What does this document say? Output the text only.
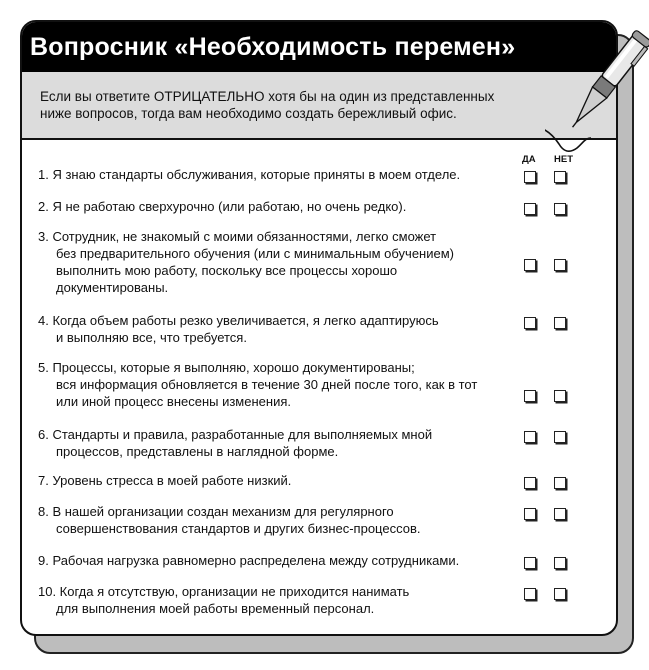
Вопросник «Необходимость перемен»
Если вы ответите ОТРИЦАТЕЛЬНО хотя бы на один из представленных
ниже вопросов, тогда вам необходимо создать бережливый офис.
ДА НЕТ
1. Я знаю стандарты обслуживания, которые приняты в моем отделе.
2. Я не работаю сверхурочно (или работаю, но очень редко).
3. Сотрудник, не знакомый с моими обязанностями, легко сможет
без предварительного обучения (или с минимальным обучением)
выполнить мою работу, поскольку все процессы хорошо
документированы.
4. Когда объем работы резко увеличивается, я легко адаптируюсь
и выполняю все, что требуется.
5. Процессы, которые я выполняю, хорошо документированы;
вся информация обновляется в течение 30 дней после того, как в тот
или иной процесс внесены изменения.
6. Стандарты и правила, разработанные для выполняемых мной
процессов, представлены в наглядной форме.
7. Уровень стресса в моей работе низкий.
8. В нашей организации создан механизм для регулярного
совершенствования стандартов и других бизнес-процессов.
9. Рабочая нагрузка равномерно распределена между сотрудниками.
10. Когда я отсутствую, организации не приходится нанимать
для выполнения моей работы временный персонал.
